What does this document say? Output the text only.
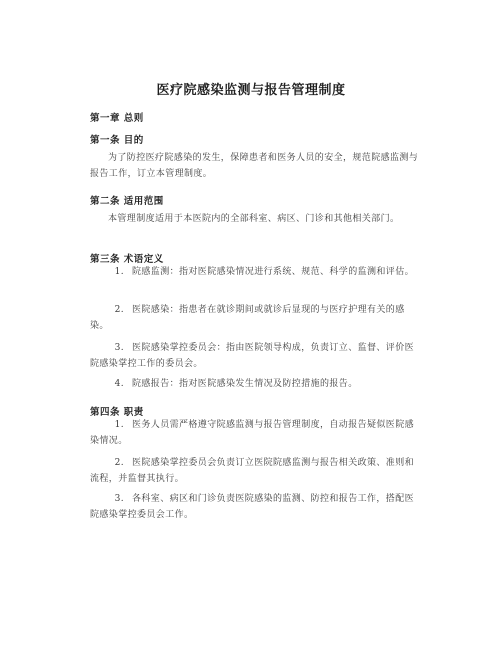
医疗院感染监测与报告管理制度
第一章 总则
第一条 目的
为了防控医疗院感染的发生，保障患者和医务人员的安全，规范院感监测与报告工作，订立本管理制度。
第二条 适用范围
本管理制度适用于本医院内的全部科室、病区、门诊和其他相关部门。
第三条 术语定义
1. 院感监测：指对医院感染情况进行系统、规范、科学的监测和评估。
2. 医院感染：指患者在就诊期间或就诊后显现的与医疗护理有关的感染。
3. 医院感染掌控委员会：指由医院领导构成，负责订立、监督、评价医院感染掌控工作的委员会。
4. 院感报告：指对医院感染发生情况及防控措施的报告。
第四条 职责
1. 医务人员需严格遵守院感监测与报告管理制度，自动报告疑似医院感染情况。
2. 医院感染掌控委员会负责订立医院院感监测与报告相关政策、准则和流程，并监督其执行。
3. 各科室、病区和门诊负责医院感染的监测、防控和报告工作，搭配医院感染掌控委员会工作。
